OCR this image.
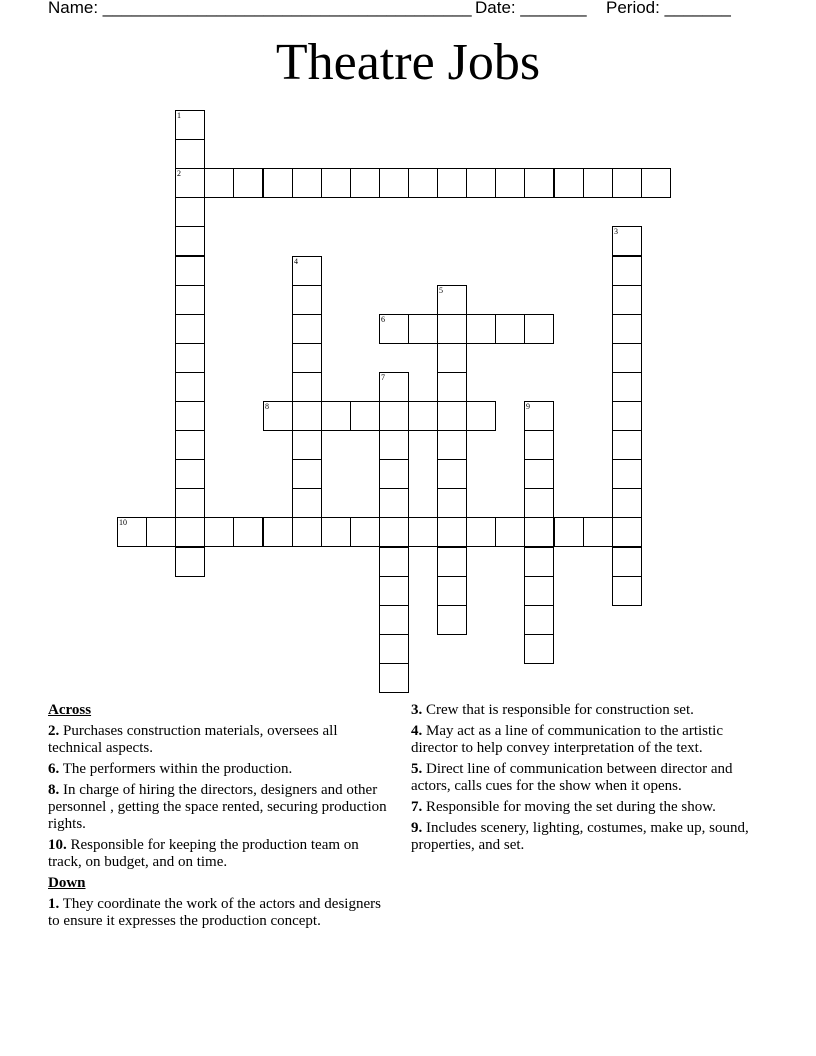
Name: _______________________________________ Date: _______ Period: _______
Theatre Jobs
1
2
3
4
5
6
7
8	9
10
Across
2. Purchases construction materials, oversees all technical aspects.
6. The performers within the production.
8. In charge of hiring the directors, designers and other personnel , getting the space rented, securing production rights.
10. Responsible for keeping the production team on track, on budget, and on time.
Down
1. They coordinate the work of the actors and designers to ensure it expresses the production concept.
3. Crew that is responsible for construction set.
4. May act as a line of communication to the artistic director to help convey interpretation of the text.
5. Direct line of communication between director and actors, calls cues for the show when it opens.
7. Responsible for moving the set during the show.
9. Includes scenery, lighting, costumes, make up, sound, properties, and set.
